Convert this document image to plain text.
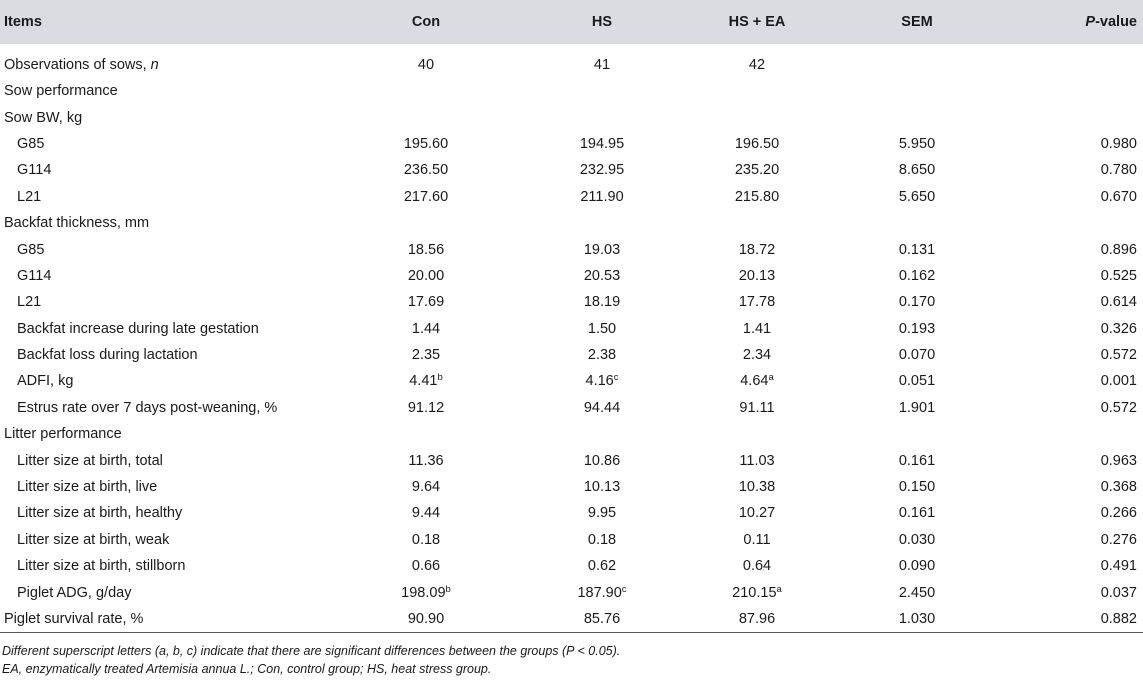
Items	Con	HS	HS + EA	SEM	P-value
Observations of sows, n	40	41	42		
Sow performance					
Sow BW, kg					
G85	195.60	194.95	196.50	5.950	0.980
G114	236.50	232.95	235.20	8.650	0.780
L21	217.60	211.90	215.80	5.650	0.670
Backfat thickness, mm					
G85	18.56	19.03	18.72	0.131	0.896
G114	20.00	20.53	20.13	0.162	0.525
L21	17.69	18.19	17.78	0.170	0.614
Backfat increase during late gestation	1.44	1.50	1.41	0.193	0.326
Backfat loss during lactation	2.35	2.38	2.34	0.070	0.572
ADFI, kg	4.41$^b$	4.16$^c$	4.64$^a$	0.051	0.001
Estrus rate over 7 days post-weaning, %	91.12	94.44	91.11	1.901	0.572
Litter performance					
Litter size at birth, total	11.36	10.86	11.03	0.161	0.963
Litter size at birth, live	9.64	10.13	10.38	0.150	0.368
Litter size at birth, healthy	9.44	9.95	10.27	0.161	0.266
Litter size at birth, weak	0.18	0.18	0.11	0.030	0.276
Litter size at birth, stillborn	0.66	0.62	0.64	0.090	0.491
Piglet ADG, g/day	198.09$^b$	187.90$^c$	210.15$^a$	2.450	0.037
Piglet survival rate, %	90.90	85.76	87.96	1.030	0.882
Different superscript letters (a, b, c) indicate that there are significant differences between the groups (P < 0.05).
EA, enzymatically treated Artemisia annua L.; Con, control group; HS, heat stress group.
